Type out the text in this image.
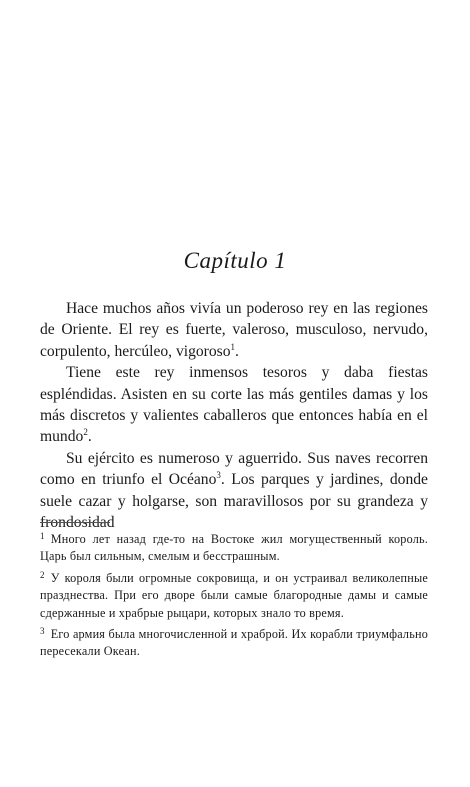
Capítulo 1

Hace muchos años vivía un poderoso rey en las regiones de Oriente. El rey es fuerte, valeroso, musculoso, nervudo, corpulento, hercúleo, vigoroso$^1$.

Tiene este rey inmensos tesoros y daba fiestas espléndidas. Asisten en su corte las más gentiles damas y los más discretos y valientes caballeros que entonces había en el mundo$^2$.

Su ejército es numeroso y aguerrido. Sus naves recorren como en triunfo el Océano$^3$. Los parques y jardines, donde suele cazar y holgarse, son maravillosos por su grandeza y frondosidad

$^1$ Много лет назад где-то на Востоке жил могущественный король. Царь был сильным, смелым и бесстрашным.

$^2$ У короля были огромные сокровища, и он устраивал великолепные празднества. При его дворе были самые благородные дамы и самые сдержанные и храбрые рыцари, которых знало то время.

$^3$ Его армия была многочисленной и храброй. Их корабли триумфально пересекали Океан.
